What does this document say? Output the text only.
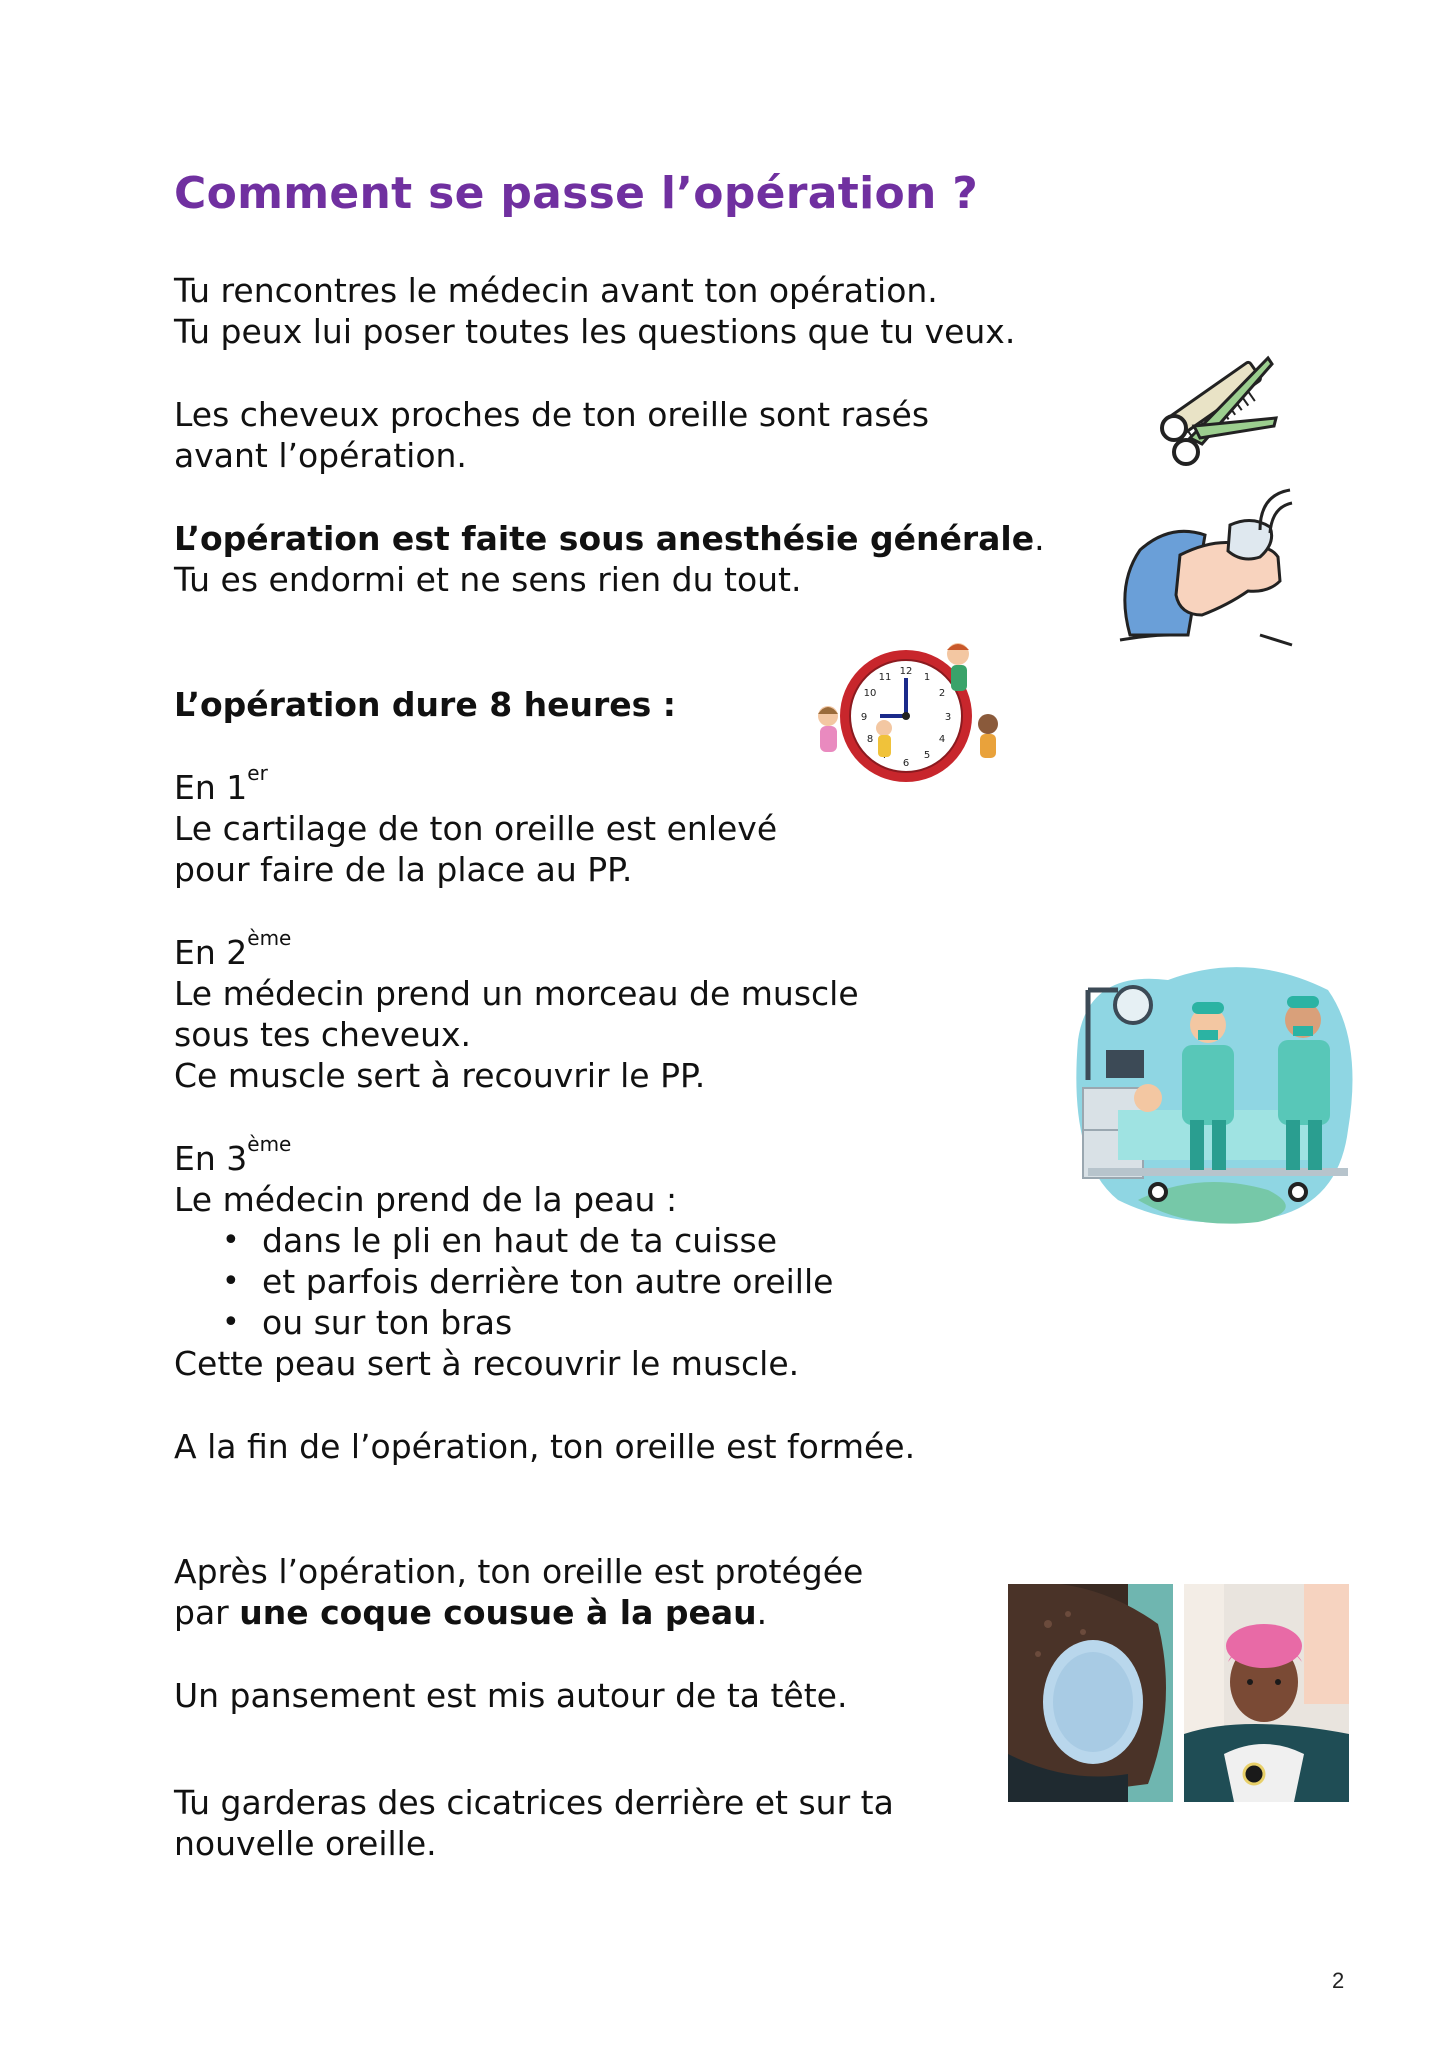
Comment se passe l’opération ?

Tu rencontres le médecin avant ton opération.

Tu peux lui poser toutes les questions que tu veux.

Les cheveux proches de ton oreille sont rasés

avant l’opération.

L’opération est faite sous anesthésie générale.

Tu es endormi et ne sens rien du tout.

L’opération dure 8 heures :

En 1er

Le cartilage de ton oreille est enlevé

pour faire de la place au PP.

En 2ème

Le médecin prend un morceau de muscle

sous tes cheveux.

Ce muscle sert à recouvrir le PP.

En 3ème

Le médecin prend de la peau :

• dans le pli en haut de ta cuisse

• et parfois derrière ton autre oreille

• ou sur ton bras

Cette peau sert à recouvrir le muscle.

A la fin de l’opération, ton oreille est formée.

Après l’opération, ton oreille est protégée

par une coque cousue à la peau.

Un pansement est mis autour de ta tête.

Tu garderas des cicatrices derrière et sur ta

nouvelle oreille.

2
12
1
2
3
4
5
6
8
9
10
11
